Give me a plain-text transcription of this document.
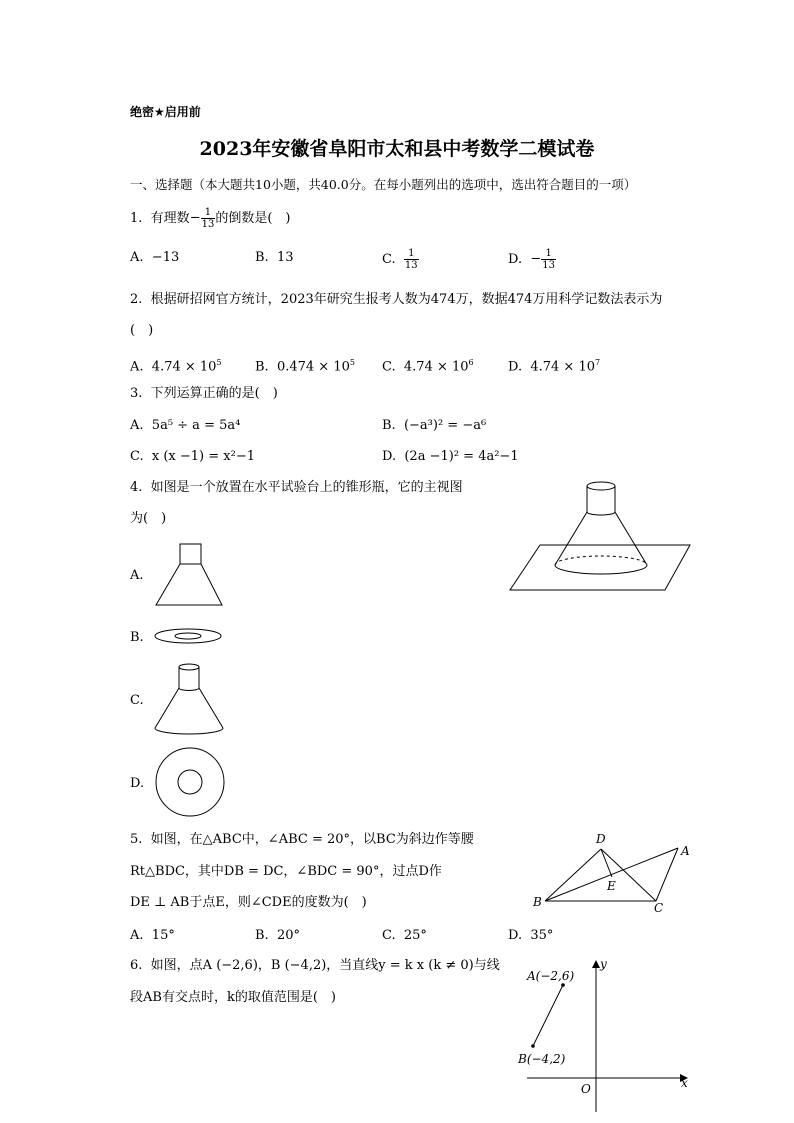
绝密★启用前
2023年安徽省阜阳市太和县中考数学二模试卷
一、选择题（本大题共10小题，共40.0分。在每小题列出的选项中，选出符合题目的一项）
1. 有理数− $\frac{1}{13}$ 的倒数是(　)
A. −13	B. 13	C. $\frac{1}{13}$	D. − $\frac{1}{13}$
2. 根据研招网官方统计，2023年研究生报考人数为474万，数据474万用科学记数法表示为
(　)
A. $4.74 \times 10^5$	B. $0.474 \times 10^5$ C. $4.74 \times 10^6$	D. $4.74 \times 10^7$
3. 下列运算正确的是(　)
A. 5a⁵ ÷ a = 5a⁴	B. (−a³)² = −a⁶
C. x (x −1) = x²−1	D. (2a −1)² = 4a²−1
4. 如图是一个放置在水平试验台上的锥形瓶，它的主视图
为(　)
A.
B.
C.
D.
5. 如图，在△ABC中，∠ABC = 20°，以BC为斜边作等腰
Rt△BDC，其中DB = DC，∠BDC = 90°，过点D作
DE ⊥ AB于点E，则∠CDE的度数为(　)
A. 15°	B. 20°	C. 25°	D. 35°
D
A
E
B	C
6. 如图，点A (−2,6)，B (−4,2)，当直线y = k x (k ≠ 0)与线
段AB有交点时，k的取值范围是(　)
A(−2,6)
B(−4,2)
O	x
y
